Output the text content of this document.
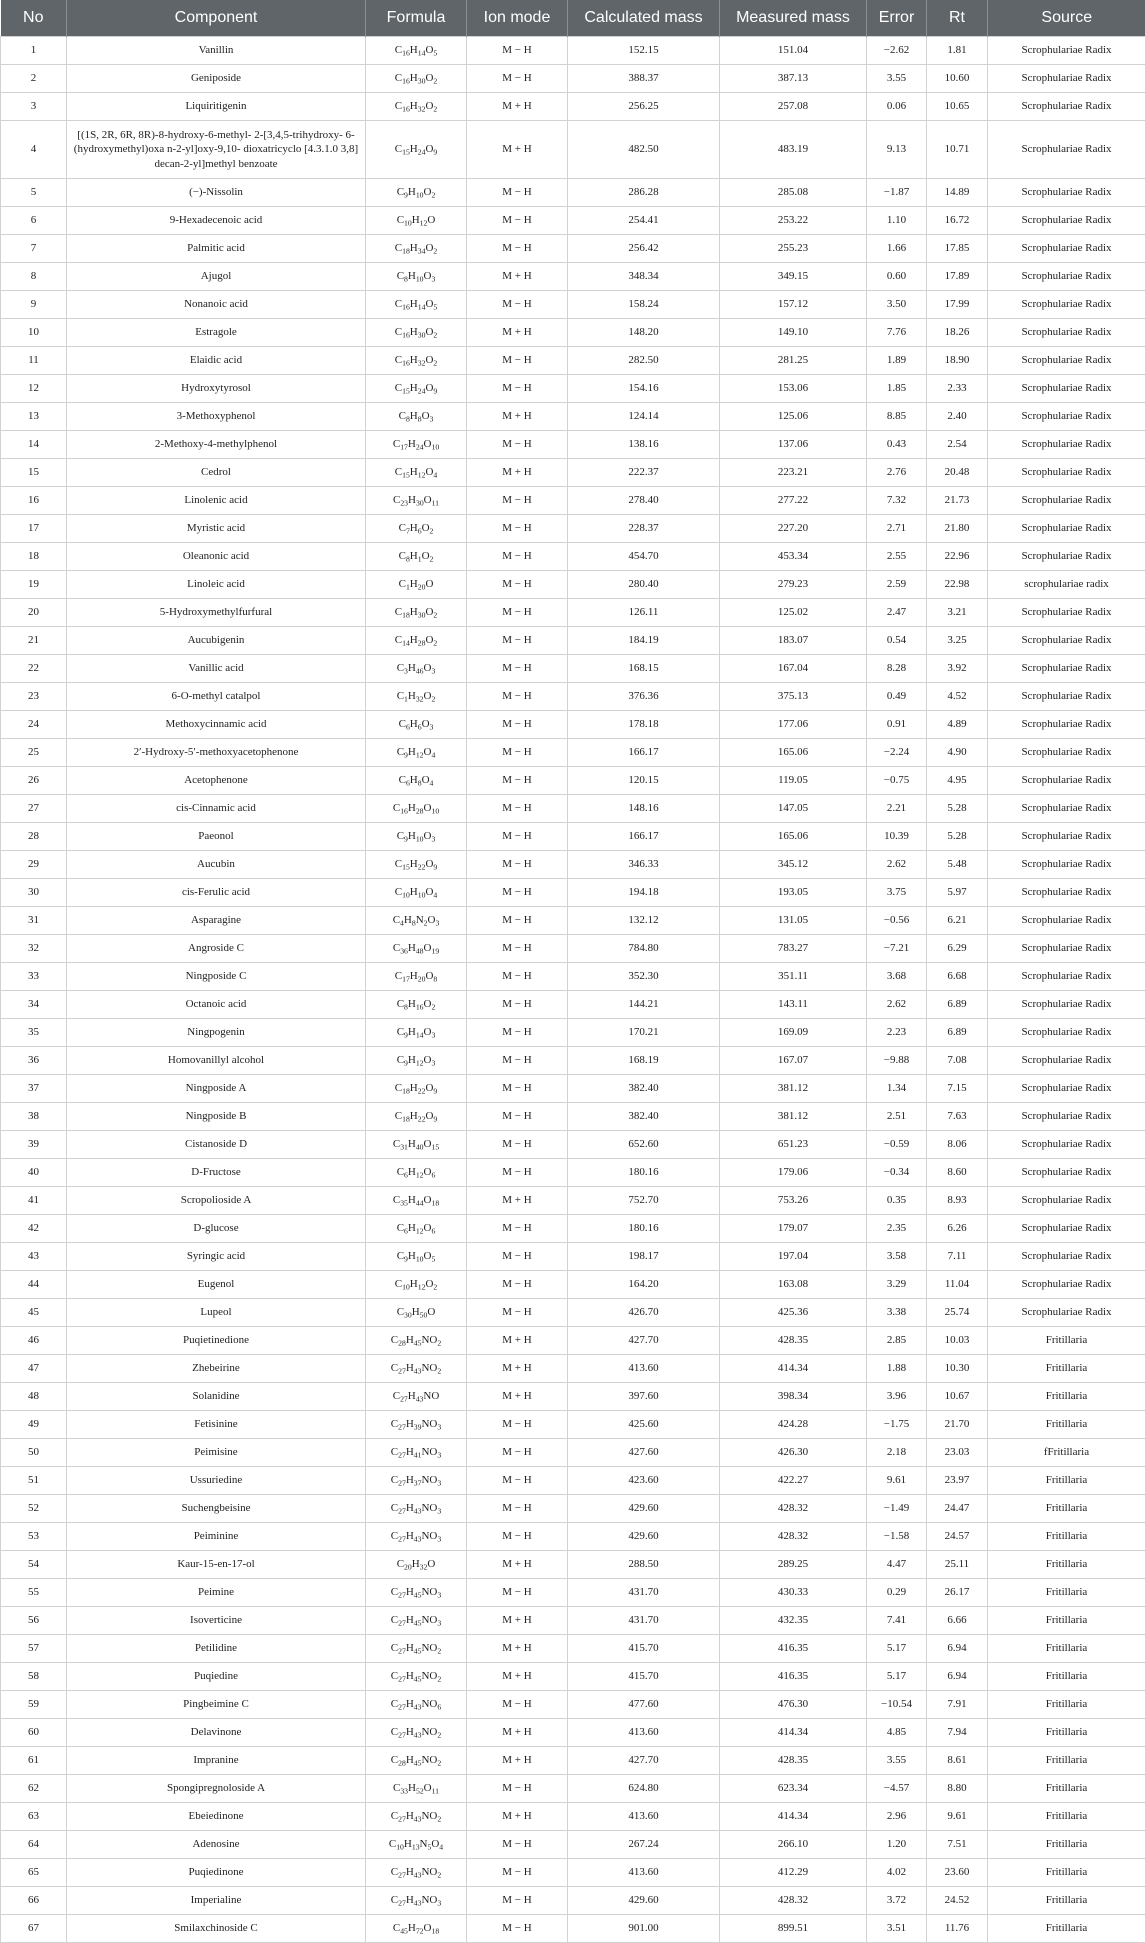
No	Component	Formula	Ion mode	Calculated mass	Measured mass	Error	Rt	Source
1	Vanillin	$C_{16}H_{14}O_5$	M − H	152.15	151.04	−2.62	1.81	Scrophulariae Radix
2	Geniposide	$C_{16}H_{30}O_2$	M − H	388.37	387.13	3.55	10.60	Scrophulariae Radix
3	Liquiritigenin	$C_{16}H_{32}O_2$	M + H	256.25	257.08	0.06	10.65	Scrophulariae Radix
4	[(1S, 2R, 6R, 8R)-8-hydroxy-6-methyl- 2-[3,4,5-trihydroxy- 6-(hydroxymethyl)oxa n-2-yl]oxy-9,10- dioxatricyclo [4.3.1.0 3,8] decan-2-yl]methyl benzoate	$C_{15}H_{24}O_9$	M + H	482.50	483.19	9.13	10.71	Scrophulariae Radix
5	(−)-Nissolin	$C_9H_{10}O_2$	M − H	286.28	285.08	−1.87	14.89	Scrophulariae Radix
6	9-Hexadecenoic acid	$C_{10}H_{12}O$	M − H	254.41	253.22	1.10	16.72	Scrophulariae Radix
7	Palmitic acid	$C_{18}H_{34}O_2$	M − H	256.42	255.23	1.66	17.85	Scrophulariae Radix
8	Ajugol	$C_8H_{10}O_3$	M + H	348.34	349.15	0.60	17.89	Scrophulariae Radix
9	Nonanoic acid	$C_{16}H_{14}O_5$	M − H	158.24	157.12	3.50	17.99	Scrophulariae Radix
10	Estragole	$C_{16}H_{30}O_2$	M + H	148.20	149.10	7.76	18.26	Scrophulariae Radix
11	Elaidic acid	$C_{16}H_{32}O_2$	M − H	282.50	281.25	1.89	18.90	Scrophulariae Radix
12	Hydroxytyrosol	$C_{15}H_{24}O_9$	M − H	154.16	153.06	1.85	2.33	Scrophulariae Radix
13	3-Methoxyphenol	$C_8H_8O_3$	M + H	124.14	125.06	8.85	2.40	Scrophulariae Radix
14	2-Methoxy-4-methylphenol	$C_{17}H_{24}O_{10}$	M − H	138.16	137.06	0.43	2.54	Scrophulariae Radix
15	Cedrol	$C_{15}H_{12}O_4$	M + H	222.37	223.21	2.76	20.48	Scrophulariae Radix
16	Linolenic acid	$C_{23}H_{30}O_{11}$	M − H	278.40	277.22	7.32	21.73	Scrophulariae Radix
17	Myristic acid	$C_7H_6O_2$	M − H	228.37	227.20	2.71	21.80	Scrophulariae Radix
18	Oleanonic acid	$C_8H_1O_2$	M − H	454.70	453.34	2.55	22.96	Scrophulariae Radix
19	Linoleic acid	$C_1H_{20}O$	M − H	280.40	279.23	2.59	22.98	scrophulariae radix
20	5-Hydroxymethylfurfural	$C_{18}H_{30}O_2$	M − H	126.11	125.02	2.47	3.21	Scrophulariae Radix
21	Aucubigenin	$C_{14}H_{28}O_2$	M − H	184.19	183.07	0.54	3.25	Scrophulariae Radix
22	Vanillic acid	$C_3H_{46}O_3$	M − H	168.15	167.04	8.28	3.92	Scrophulariae Radix
23	6-O-methyl catalpol	$C_1H_{32}O_2$	M − H	376.36	375.13	0.49	4.52	Scrophulariae Radix
24	Methoxycinnamic acid	$C_6H_6O_3$	M − H	178.18	177.06	0.91	4.89	Scrophulariae Radix
25	2′-Hydroxy-5′-methoxyacetophenone	$C_9H_{12}O_4$	M − H	166.17	165.06	−2.24	4.90	Scrophulariae Radix
26	Acetophenone	$C_6H_8O_4$	M − H	120.15	119.05	−0.75	4.95	Scrophulariae Radix
27	cis-Cinnamic acid	$C_{16}H_{28}O_{10}$	M − H	148.16	147.05	2.21	5.28	Scrophulariae Radix
28	Paeonol	$C_9H_{10}O_3$	M − H	166.17	165.06	10.39	5.28	Scrophulariae Radix
29	Aucubin	$C_{15}H_{22}O_9$	M − H	346.33	345.12	2.62	5.48	Scrophulariae Radix
30	cis-Ferulic acid	$C_{10}H_{10}O_4$	M − H	194.18	193.05	3.75	5.97	Scrophulariae Radix
31	Asparagine	$C_4H_8N_2O_3$	M − H	132.12	131.05	−0.56	6.21	Scrophulariae Radix
32	Angroside C	$C_{36}H_{48}O_{19}$	M − H	784.80	783.27	−7.21	6.29	Scrophulariae Radix
33	Ningposide C	$C_{17}H_{20}O_8$	M − H	352.30	351.11	3.68	6.68	Scrophulariae Radix
34	Octanoic acid	$C_8H_{16}O_2$	M − H	144.21	143.11	2.62	6.89	Scrophulariae Radix
35	Ningpogenin	$C_9H_{14}O_3$	M − H	170.21	169.09	2.23	6.89	Scrophulariae Radix
36	Homovanillyl alcohol	$C_9H_{12}O_3$	M − H	168.19	167.07	−9.88	7.08	Scrophulariae Radix
37	Ningposide A	$C_{18}H_{22}O_9$	M − H	382.40	381.12	1.34	7.15	Scrophulariae Radix
38	Ningposide B	$C_{18}H_{22}O_9$	M − H	382.40	381.12	2.51	7.63	Scrophulariae Radix
39	Cistanoside D	$C_{31}H_{40}O_{15}$	M − H	652.60	651.23	−0.59	8.06	Scrophulariae Radix
40	D-Fructose	$C_6H_{12}O_6$	M − H	180.16	179.06	−0.34	8.60	Scrophulariae Radix
41	Scropolioside A	$C_{35}H_{44}O_{18}$	M + H	752.70	753.26	0.35	8.93	Scrophulariae Radix
42	D-glucose	$C_6H_{12}O_6$	M − H	180.16	179.07	2.35	6.26	Scrophulariae Radix
43	Syringic acid	$C_9H_{10}O_5$	M − H	198.17	197.04	3.58	7.11	Scrophulariae Radix
44	Eugenol	$C_{10}H_{12}O_2$	M − H	164.20	163.08	3.29	11.04	Scrophulariae Radix
45	Lupeol	$C_{30}H_{50}O$	M − H	426.70	425.36	3.38	25.74	Scrophulariae Radix
46	Puqietinedione	$C_{28}H_{45}NO_2$	M + H	427.70	428.35	2.85	10.03	Fritillaria
47	Zhebeirine	$C_{27}H_{43}NO_2$	M + H	413.60	414.34	1.88	10.30	Fritillaria
48	Solanidine	$C_{27}H_{43}NO$	M + H	397.60	398.34	3.96	10.67	Fritillaria
49	Fetisinine	$C_{27}H_{39}NO_3$	M − H	425.60	424.28	−1.75	21.70	Fritillaria
50	Peimisine	$C_{27}H_{41}NO_3$	M − H	427.60	426.30	2.18	23.03	fFritillaria
51	Ussuriedine	$C_{27}H_{37}NO_3$	M − H	423.60	422.27	9.61	23.97	Fritillaria
52	Suchengbeisine	$C_{27}H_{43}NO_3$	M − H	429.60	428.32	−1.49	24.47	Fritillaria
53	Peiminine	$C_{27}H_{43}NO_3$	M − H	429.60	428.32	−1.58	24.57	Fritillaria
54	Kaur-15-en-17-ol	$C_{20}H_{32}O$	M + H	288.50	289.25	4.47	25.11	Fritillaria
55	Peimine	$C_{27}H_{45}NO_3$	M − H	431.70	430.33	0.29	26.17	Fritillaria
56	Isoverticine	$C_{27}H_{45}NO_3$	M + H	431.70	432.35	7.41	6.66	Fritillaria
57	Petilidine	$C_{27}H_{45}NO_2$	M + H	415.70	416.35	5.17	6.94	Fritillaria
58	Puqiedine	$C_{27}H_{45}NO_2$	M + H	415.70	416.35	5.17	6.94	Fritillaria
59	Pingbeimine C	$C_{27}H_{43}NO_6$	M − H	477.60	476.30	−10.54	7.91	Fritillaria
60	Delavinone	$C_{27}H_{43}NO_2$	M + H	413.60	414.34	4.85	7.94	Fritillaria
61	Impranine	$C_{28}H_{45}NO_2$	M + H	427.70	428.35	3.55	8.61	Fritillaria
62	Spongipregnoloside A	$C_{33}H_{52}O_{11}$	M − H	624.80	623.34	−4.57	8.80	Fritillaria
63	Ebeiedinone	$C_{27}H_{43}NO_2$	M + H	413.60	414.34	2.96	9.61	Fritillaria
64	Adenosine	$C_{10}H_{13}N_5O_4$	M − H	267.24	266.10	1.20	7.51	Fritillaria
65	Puqiedinone	$C_{27}H_{43}NO_2$	M − H	413.60	412.29	4.02	23.60	Fritillaria
66	Imperialine	$C_{27}H_{43}NO_3$	M − H	429.60	428.32	3.72	24.52	Fritillaria
67	Smilaxchinoside C	$C_{45}H_{72}O_{18}$	M − H	901.00	899.51	3.51	11.76	Fritillaria
